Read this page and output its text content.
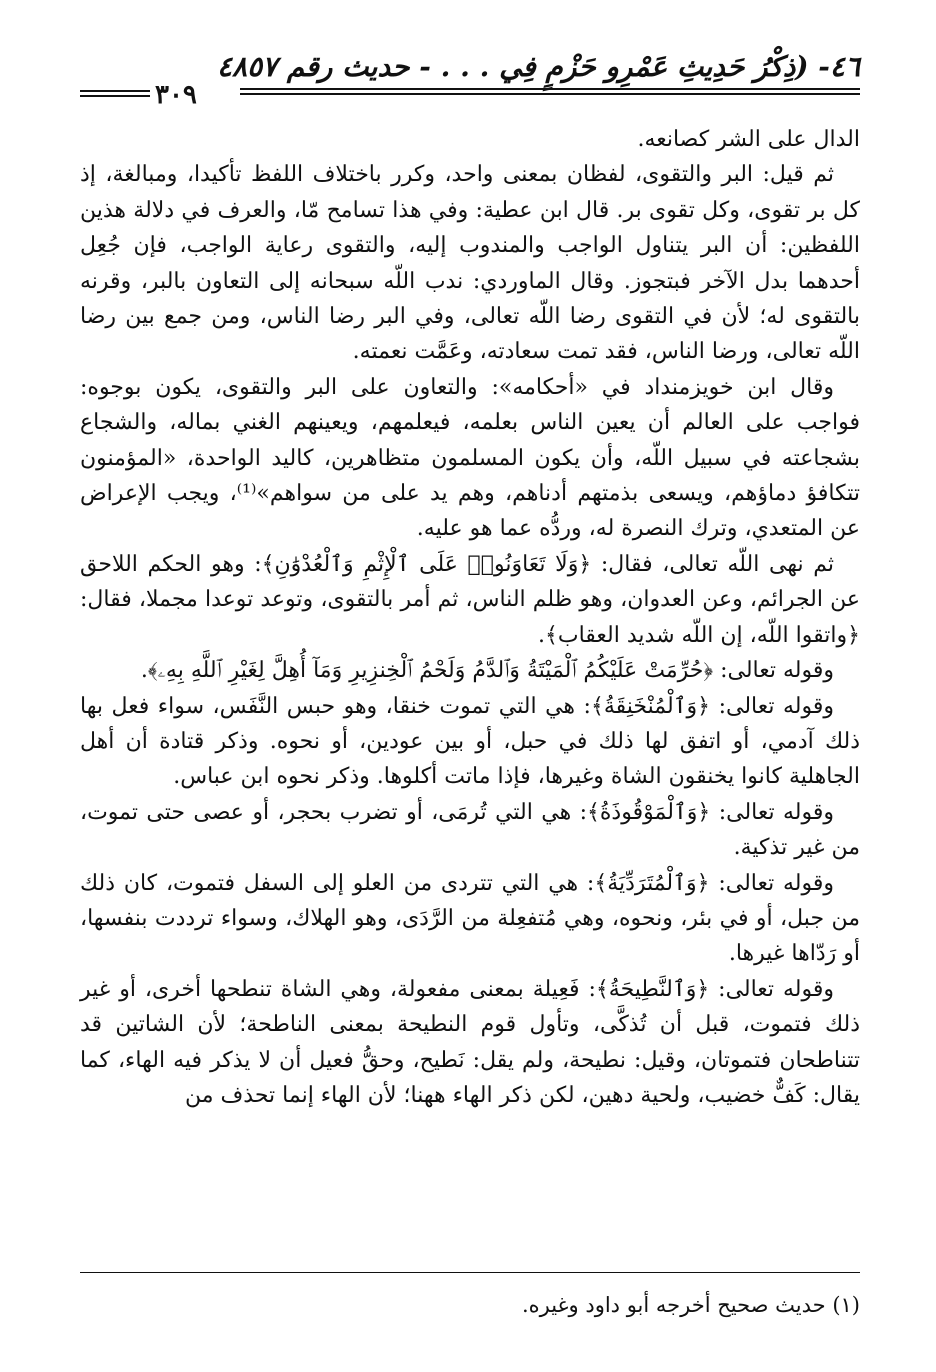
٤٦- (ذِكْرُ حَدِيثِ عَمْرِو حَزْمٍ فِي . . . - حديث رقم ٤٨٥٧
٣٠٩

الدال على الشر كصانعه.

ثم قيل: البر والتقوى، لفظان بمعنى واحد، وكرر باختلاف اللفظ تأكيدا، ومبالغة، إذ كل بر تقوى، وكل تقوى بر. قال ابن عطية: وفي هذا تسامح مّا، والعرف في دلالة هذين اللفظين: أن البر يتناول الواجب والمندوب إليه، والتقوى رعاية الواجب، فإن جُعِل أحدهما بدل الآخر فبتجوز. وقال الماوردي: ندب اللّه سبحانه إلى التعاون بالبر، وقرنه بالتقوى له؛ لأن في التقوى رضا اللّه تعالى، وفي البر رضا الناس، ومن جمع بين رضا اللّه تعالى، ورضا الناس، فقد تمت سعادته، وعَمَّت نعمته.

وقال ابن خويزمنداد في «أحكامه»: والتعاون على البر والتقوى، يكون بوجوه: فواجب على العالم أن يعين الناس بعلمه، فيعلمهم، ويعينهم الغني بماله، والشجاع بشجاعته في سبيل اللّه، وأن يكون المسلمون متظاهرين، كاليد الواحدة، «المؤمنون تتكافؤ دماؤهم، ويسعى بذمتهم أدناهم، وهم يد على من سواهم»⁽¹⁾، ويجب الإعراض عن المتعدي، وترك النصرة له، وردُّه عما هو عليه.

ثم نهى اللّه تعالى، فقال: ﴿وَلَا تَعَاوَنُوا۟ عَلَى ٱلْإِثْمِ وَٱلْعُدْوَٰنِ﴾: وهو الحكم اللاحق عن الجرائم، وعن العدوان، وهو ظلم الناس، ثم أمر بالتقوى، وتوعد توعدا مجملا، فقال: ﴿واتقوا اللّه، إن اللّه شديد العقاب﴾.

وقوله تعالى: ﴿حُرِّمَتْ عَلَيْكُمُ ٱلْمَيْتَةُ وَٱلدَّمُ وَلَحْمُ ٱلْخِنزِيرِ وَمَآ أُهِلَّ لِغَيْرِ ٱللَّهِ بِهِۦ﴾.

وقوله تعالى: ﴿وَٱلْمُنْخَنِقَةُ﴾: هي التي تموت خنقا، وهو حبس النَّفَس، سواء فعل بها ذلك آدمي، أو اتفق لها ذلك في حبل، أو بين عودين، أو نحوه. وذكر قتادة أن أهل الجاهلية كانوا يخنقون الشاة وغيرها، فإذا ماتت أكلوها. وذكر نحوه ابن عباس.

وقوله تعالى: ﴿وَٱلْمَوْقُوذَةُ﴾: هي التي تُرمَى، أو تضرب بحجر، أو عصى حتى تموت، من غير تذكية.

وقوله تعالى: ﴿وَٱلْمُتَرَدِّيَةُ﴾: هي التي تتردى من العلو إلى السفل فتموت، كان ذلك من جبل، أو في بئر، ونحوه، وهي مُتفعِلة من الرَّدَى، وهو الهلاك، وسواء ترددت بنفسها، أو رَدّاها غيرها.

وقوله تعالى: ﴿وَٱلنَّطِيحَةُ﴾: فَعِيلة بمعنى مفعولة، وهي الشاة تنطحها أخرى، أو غير ذلك فتموت، قبل أن تُذكَّى، وتأول قوم النطيحة بمعنى الناطحة؛ لأن الشاتين قد تتناطحان فتموتان، وقيل: نطيحة، ولم يقل: نَطيح، وحقُّ فعيل أن لا يذكر فيه الهاء، كما يقال: كَفٌّ خضيب، ولحية دهين، لكن ذكر الهاء ههنا؛ لأن الهاء إنما تحذف من

(١) حديث صحيح أخرجه أبو داود وغيره.
